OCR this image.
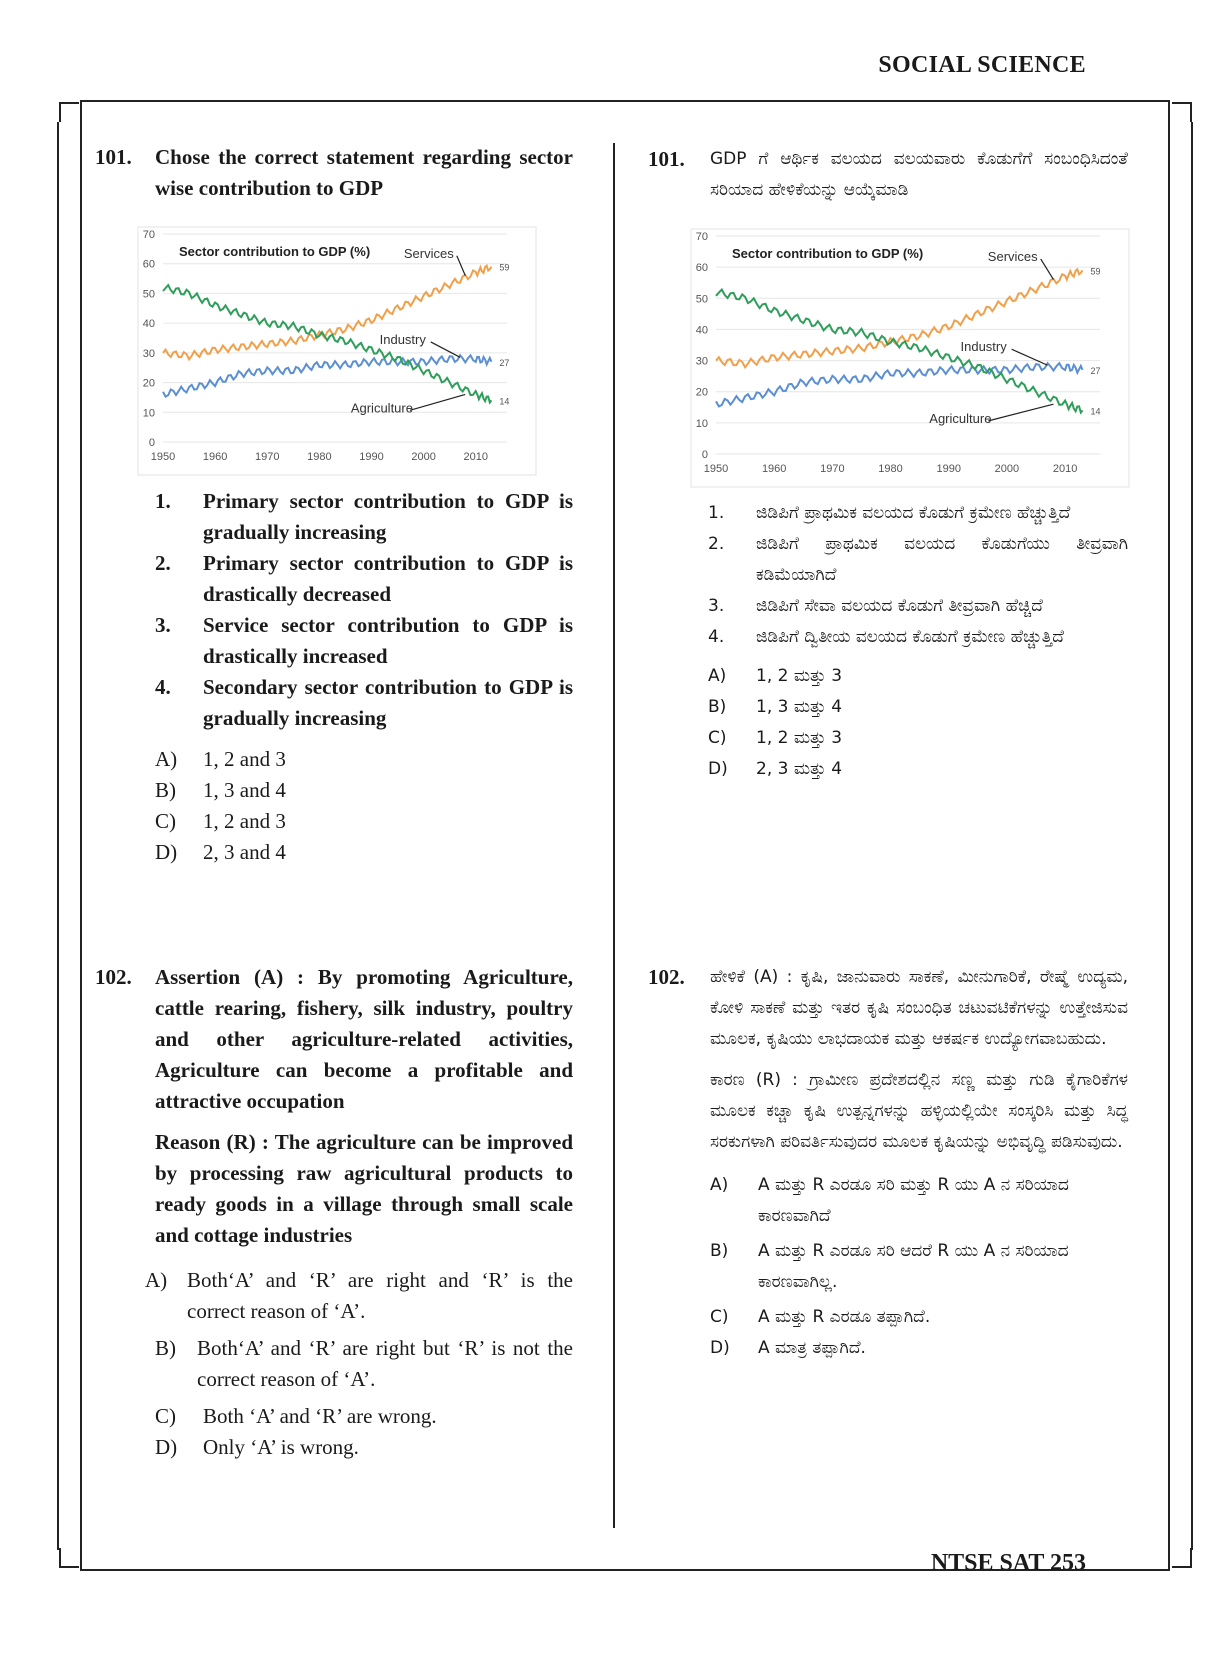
SOCIAL SCIENCE
101. Chose the correct statement regarding sector wise contribution to GDP
0
10
20
30
40
50
60
70
1950	1960	1970	1980	1990	2000	2010
Sector contribution to GDP (%)
59
27
14
Services
Industry
Agriculture
1.	Primary sector contribution to GDP is gradually increasing
2.	Primary sector contribution to GDP is drastically decreased
3.	Service sector contribution to GDP is drastically increased
4.	Secondary sector contribution to GDP is gradually increasing
A)	1, 2 and 3
B)	1, 3 and 4
C)	1, 2 and 3
D)	2, 3 and 4
102. Assertion (A) : By promoting Agriculture, cattle rearing, fishery, silk industry, poultry and other agriculture-related activities, Agriculture can become a profitable and attractive occupation
Reason (R) : The agriculture can be improved by processing raw agricultural products to ready goods in a village through small scale and cottage industries
A) Both‘A’ and ‘R’ are right and ‘R’ is the correct reason of ‘A’.
B)	Both‘A’ and ‘R’ are right but ‘R’ is not the correct reason of ‘A’.
C)	Both ‘A’ and ‘R’ are wrong.
D)	Only ‘A’ is wrong.
101. GDP ಗೆ ಆರ್ಥಿಕ ವಲಯದ ವಲಯವಾರು ಕೊಡುಗೆಗೆ ಸಂಬಂಧಿಸಿದಂತೆ ಸರಿಯಾದ ಹೇಳಿಕೆಯನ್ನು ಆಯ್ಕೆಮಾಡಿ
0
10
20
30
40
50
60
70
1950	1960	1970	1980	1990	2000	2010
Sector contribution to GDP (%)
59
27
14
Services
Industry
Agriculture
1.	ಜಿಡಿಪಿಗೆ ಪ್ರಾಥಮಿಕ ವಲಯದ ಕೊಡುಗೆ ಕ್ರಮೇಣ ಹೆಚ್ಚುತ್ತಿದೆ
2.	ಜಿಡಿಪಿಗೆ ಪ್ರಾಥಮಿಕ ವಲಯದ ಕೊಡುಗೆಯು ತೀವ್ರವಾಗಿ ಕಡಿಮೆಯಾಗಿದೆ
3.	ಜಿಡಿಪಿಗೆ ಸೇವಾ ವಲಯದ ಕೊಡುಗೆ ತೀವ್ರವಾಗಿ ಹೆಚ್ಚಿದೆ
4.	ಜಿಡಿಪಿಗೆ ದ್ವಿತೀಯ ವಲಯದ ಕೊಡುಗೆ ಕ್ರಮೇಣ ಹೆಚ್ಚುತ್ತಿದೆ
A)	1, 2 ಮತ್ತು 3
B)	1, 3 ಮತ್ತು 4
C)	1, 2 ಮತ್ತು 3
D)	2, 3 ಮತ್ತು 4
102. ಹೇಳಿಕೆ (A) : ಕೃಷಿ, ಜಾನುವಾರು ಸಾಕಣೆ, ಮೀನುಗಾರಿಕೆ, ರೇಷ್ಮೆ ಉದ್ಯಮ, ಕೋಳಿ ಸಾಕಣೆ ಮತ್ತು ಇತರ ಕೃಷಿ ಸಂಬಂಧಿತ ಚಟುವಟಿಕೆಗಳನ್ನು ಉತ್ತೇಜಿಸುವ ಮೂಲಕ, ಕೃಷಿಯು ಲಾಭದಾಯಕ ಮತ್ತು ಆಕರ್ಷಕ ಉದ್ಯೋಗವಾಬಹುದು.
ಕಾರಣ (R) : ಗ್ರಾಮೀಣ ಪ್ರದೇಶದಲ್ಲಿನ ಸಣ್ಣ ಮತ್ತು ಗುಡಿ ಕೈಗಾರಿಕೆಗಳ ಮೂಲಕ ಕಚ್ಚಾ ಕೃಷಿ ಉತ್ಪನ್ನಗಳನ್ನು ಹಳ್ಳಿಯಲ್ಲಿಯೇ ಸಂಸ್ಕರಿಸಿ ಮತ್ತು ಸಿದ್ಧ ಸರಕುಗಳಾಗಿ ಪರಿವರ್ತಿಸುವುದರ ಮೂಲಕ ಕೃಷಿಯನ್ನು ಅಭಿವೃದ್ಧಿ ಪಡಿಸುವುದು.
A)	A ಮತ್ತು R ಎರಡೂ ಸರಿ ಮತ್ತು R ಯು A ನ ಸರಿಯಾದ ಕಾರಣವಾಗಿದೆ
B)	A ಮತ್ತು R ಎರಡೂ ಸರಿ ಆದರೆ R ಯು A ನ ಸರಿಯಾದ ಕಾರಣವಾಗಿಲ್ಲ.
C)	A ಮತ್ತು R ಎರಡೂ ತಪ್ಪಾಗಿದೆ.
D)	A ಮಾತ್ರ ತಪ್ಪಾಗಿದೆ.
NTSE SAT 253
